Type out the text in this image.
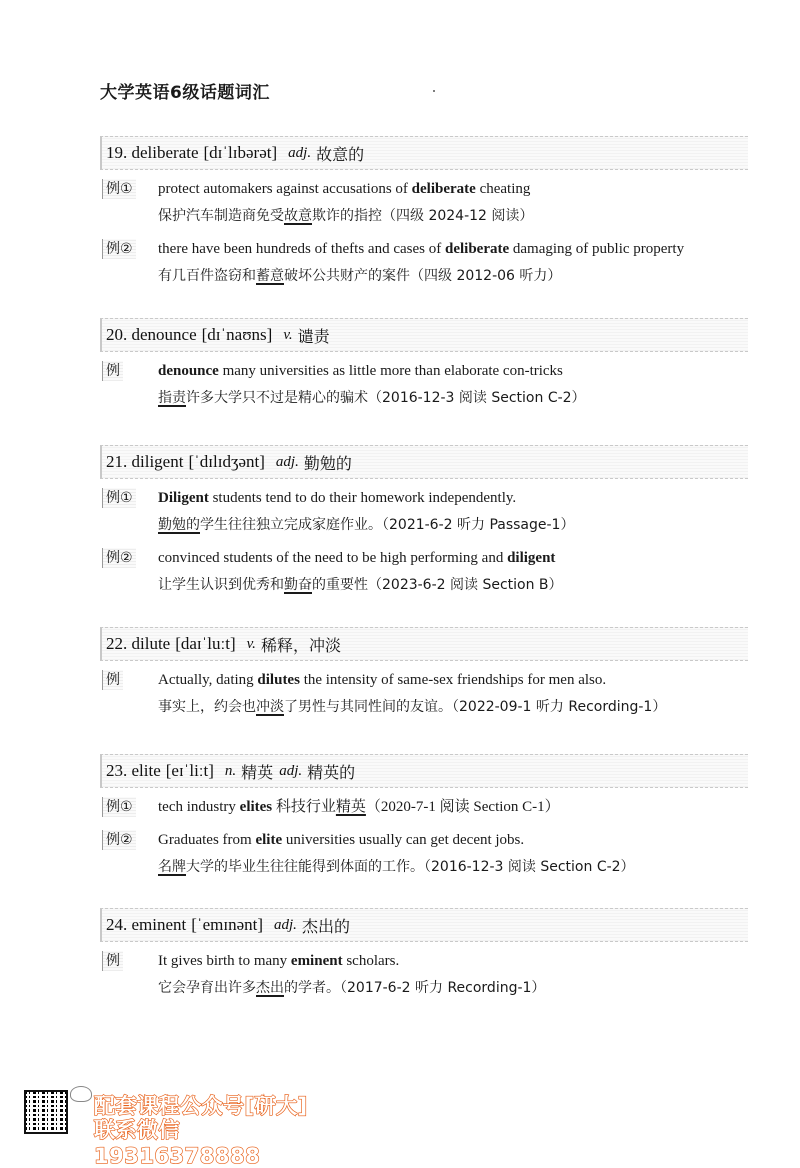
大学英语6级话题词汇
19. deliberate [dɪˈlɪbərət] adj. 故意的
例①	protect automakers against accusations of deliberate cheating
保护汽车制造商免受故意欺诈的指控（四级 2024-12 阅读）
例②	there have been hundreds of thefts and cases of deliberate damaging of public property
有几百件盗窃和蓄意破坏公共财产的案件（四级 2012-06 听力）
20. denounce [dɪˈnaʊns] v. 谴责
例	denounce many universities as little more than elaborate con-tricks
指责许多大学只不过是精心的骗术（2016-12-3 阅读 Section C-2）
21. diligent [ˈdɪlɪdʒənt] adj. 勤勉的
例①	Diligent students tend to do their homework independently.
勤勉的学生往往独立完成家庭作业。（2021-6-2 听力 Passage-1）
例②	convinced students of the need to be high performing and diligent
让学生认识到优秀和勤奋的重要性（2023-6-2 阅读 Section B）
22. dilute [daɪˈluːt] v. 稀释，冲淡
例	Actually, dating dilutes the intensity of same-sex friendships for men also.
事实上，约会也冲淡了男性与其同性间的友谊。（2022-09-1 听力 Recording-1）
23. elite [eɪˈliːt] n. 精英 adj. 精英的
例①	tech industry elites 科技行业精英（2020-7-1 阅读 Section C-1）
例②	Graduates from elite universities usually can get decent jobs.
名牌大学的毕业生往往能得到体面的工作。（2016-12-3 阅读 Section C-2）
24. eminent [ˈemɪnənt] adj. 杰出的
例	It gives birth to many eminent scholars.
它会孕育出许多杰出的学者。（2017-6-2 听力 Recording-1）
配套课程公众号[研大]
联系微信19316378888
